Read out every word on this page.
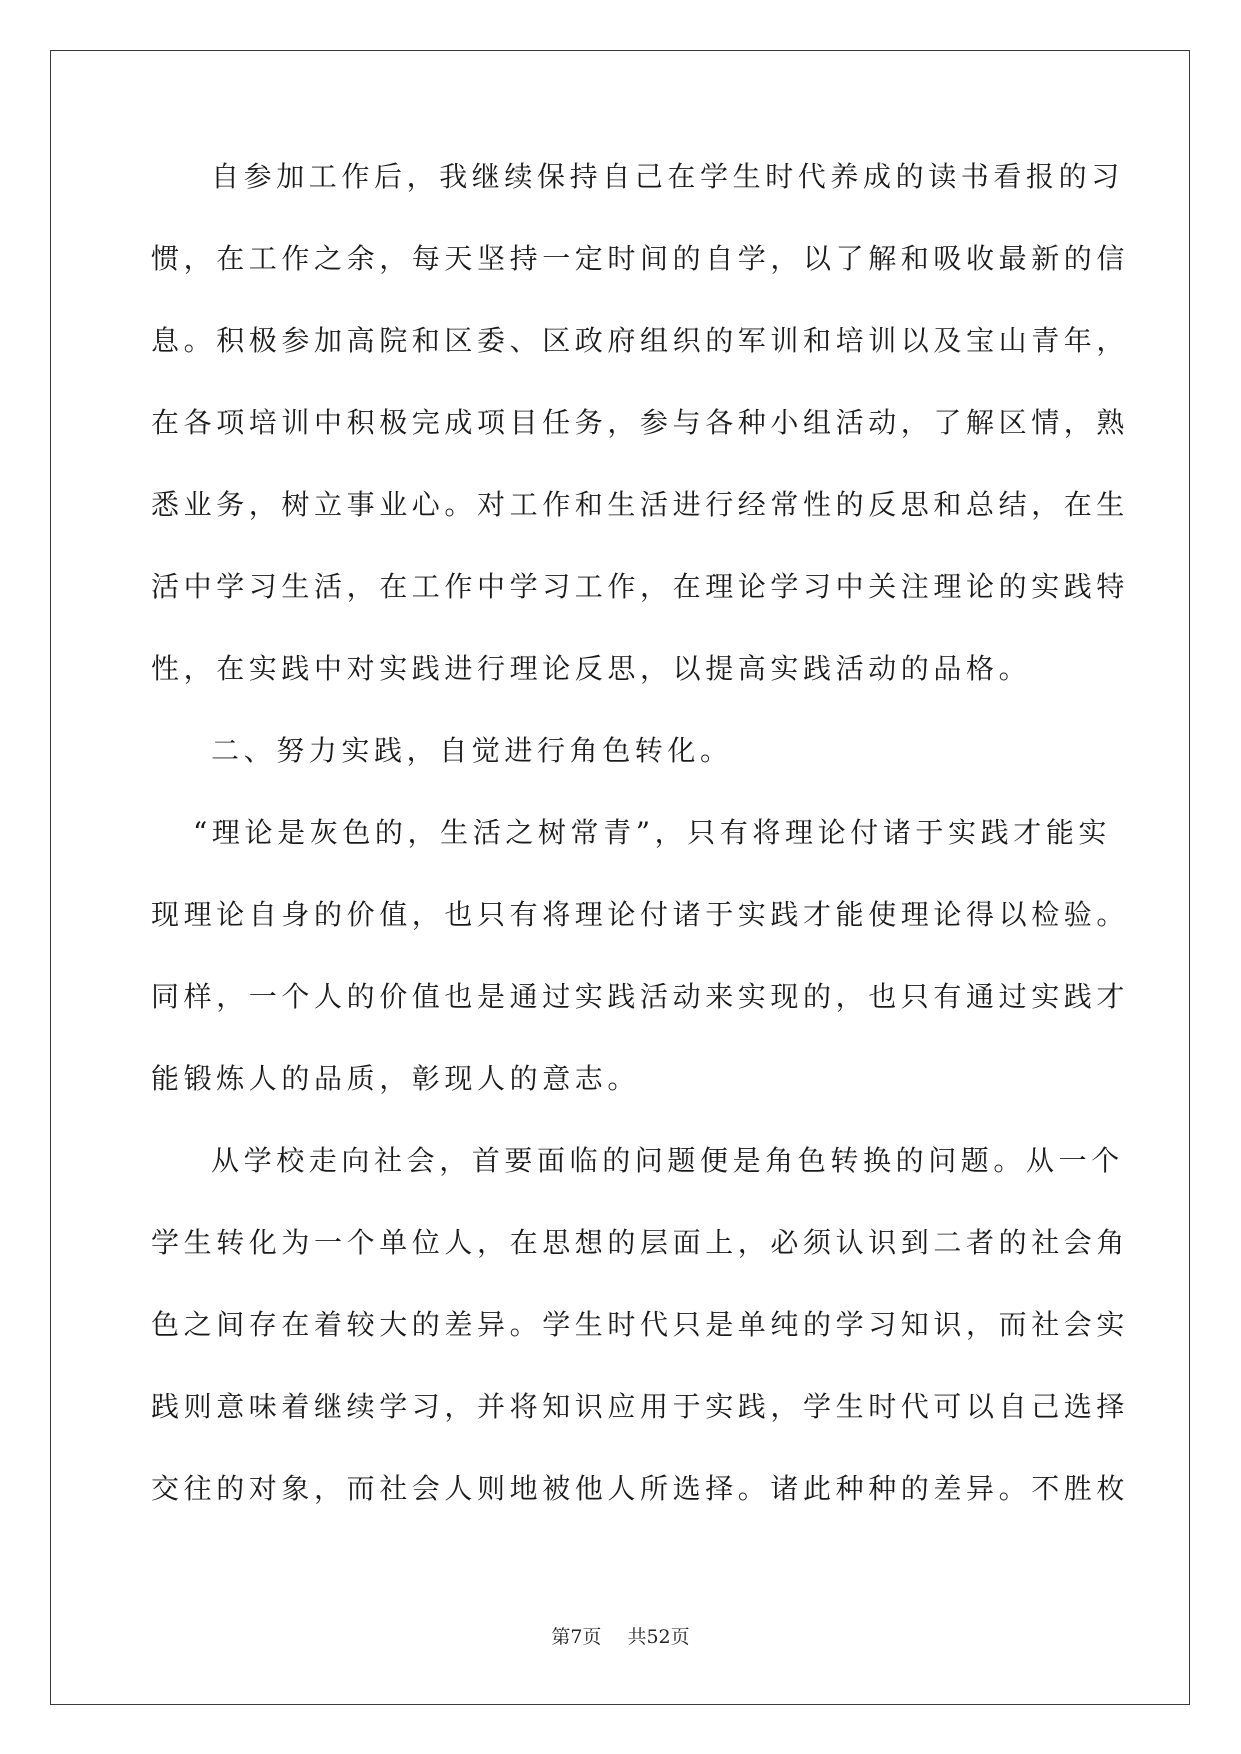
自参加工作后，我继续保持自己在学生时代养成的读书看报的习
惯，在工作之余，每天坚持一定时间的自学，以了解和吸收最新的信
息。积极参加高院和区委、区政府组织的军训和培训以及宝山青年，
在各项培训中积极完成项目任务，参与各种小组活动，了解区情，熟
悉业务，树立事业心。对工作和生活进行经常性的反思和总结，在生
活中学习生活，在工作中学习工作，在理论学习中关注理论的实践特
性，在实践中对实践进行理论反思，以提高实践活动的品格。
二、努力实践，自觉进行角色转化。
“理论是灰色的，生活之树常青”，只有将理论付诸于实践才能实
现理论自身的价值，也只有将理论付诸于实践才能使理论得以检验。
同样，一个人的价值也是通过实践活动来实现的，也只有通过实践才
能锻炼人的品质，彰现人的意志。
从学校走向社会，首要面临的问题便是角色转换的问题。从一个
学生转化为一个单位人，在思想的层面上，必须认识到二者的社会角
色之间存在着较大的差异。学生时代只是单纯的学习知识，而社会实
践则意味着继续学习，并将知识应用于实践，学生时代可以自己选择
交往的对象，而社会人则地被他人所选择。诸此种种的差异。不胜枚
第7页 共52页
